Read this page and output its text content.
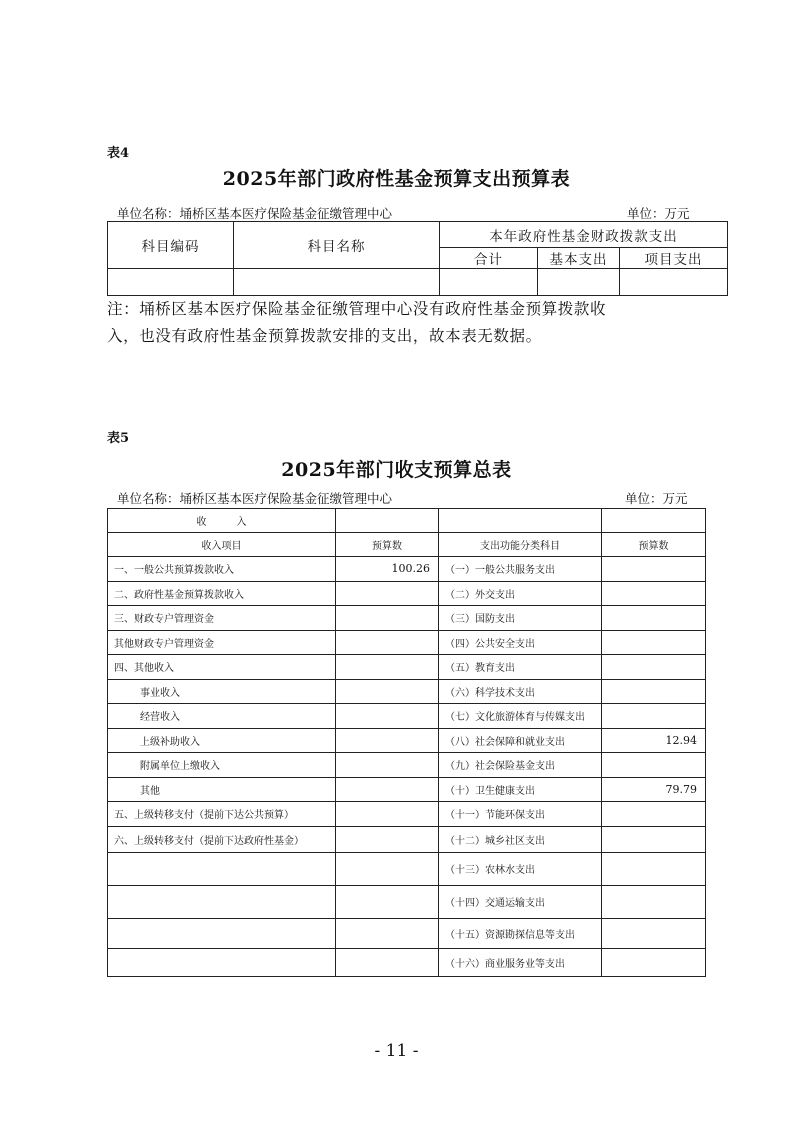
表4
2025年部门政府性基金预算支出预算表
单位名称：埇桥区基本医疗保险基金征缴管理中心	单位：万元
科目编码	科目名称	本年政府性基金财政拨款支出		
		合计	基本支出	项目支出

注：埇桥区基本医疗保险基金征缴管理中心没有政府性基金预算拨款收
入，也没有政府性基金预算拨款安排的支出，故本表无数据。
表5
2025年部门收支预算总表
单位名称：埇桥区基本医疗保险基金征缴管理中心	单位：万元
收　　　入			
收入项目	预算数	支出功能分类科目	预算数
一、一般公共预算拨款收入	100.26	（一）一般公共服务支出	
二、政府性基金预算拨款收入		（二）外交支出	
三、财政专户管理资金		（三）国防支出	
其他财政专户管理资金		（四）公共安全支出	
四、其他收入		（五）教育支出	
事业收入		（六）科学技术支出	
经营收入		（七）文化旅游体育与传媒支出	
上级补助收入		（八）社会保障和就业支出	12.94
附属单位上缴收入		（九）社会保险基金支出	
其他		（十）卫生健康支出	79.79
五、上级转移支付（提前下达公共预算）		（十一）节能环保支出	
六、上级转移支付（提前下达政府性基金）		（十二）城乡社区支出	
		（十三）农林水支出	
		（十四）交通运输支出	
		（十五）资源勘探信息等支出	
		（十六）商业服务业等支出	
- 11 -
